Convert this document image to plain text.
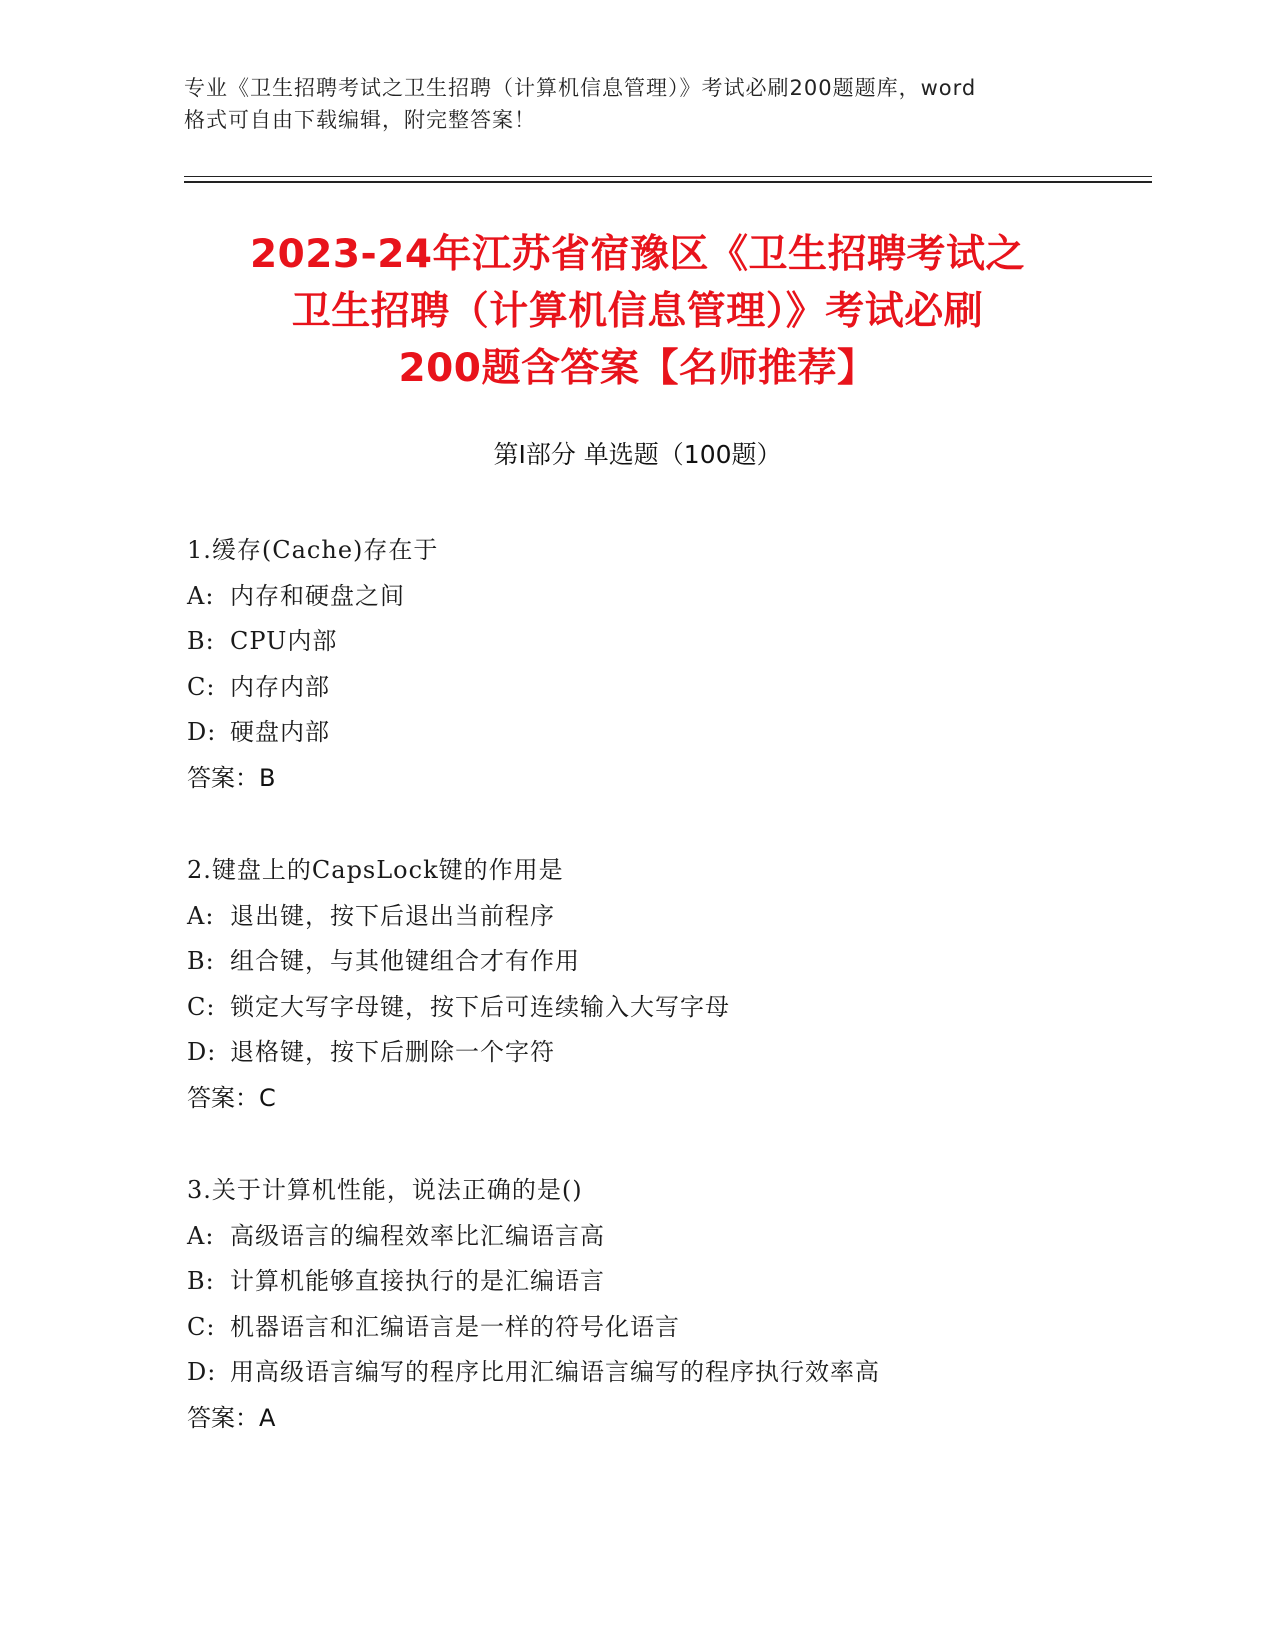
专业《卫生招聘考试之卫生招聘（计算机信息管理）》考试必刷200题题库，word
格式可自由下载编辑，附完整答案！
2023-24年江苏省宿豫区《卫生招聘考试之
卫生招聘（计算机信息管理）》考试必刷
200题含答案【名师推荐】
第I部分 单选题（100题）
1.缓存(Cache)存在于
A: 内存和硬盘之间
B: CPU内部
C: 内存内部
D: 硬盘内部
答案：B
2.键盘上的CapsLock键的作用是
A: 退出键，按下后退出当前程序
B: 组合键，与其他键组合才有作用
C: 锁定大写字母键，按下后可连续输入大写字母
D: 退格键，按下后删除一个字符
答案：C
3.关于计算机性能，说法正确的是()
A: 高级语言的编程效率比汇编语言高
B: 计算机能够直接执行的是汇编语言
C: 机器语言和汇编语言是一样的符号化语言
D: 用高级语言编写的程序比用汇编语言编写的程序执行效率高
答案：A
